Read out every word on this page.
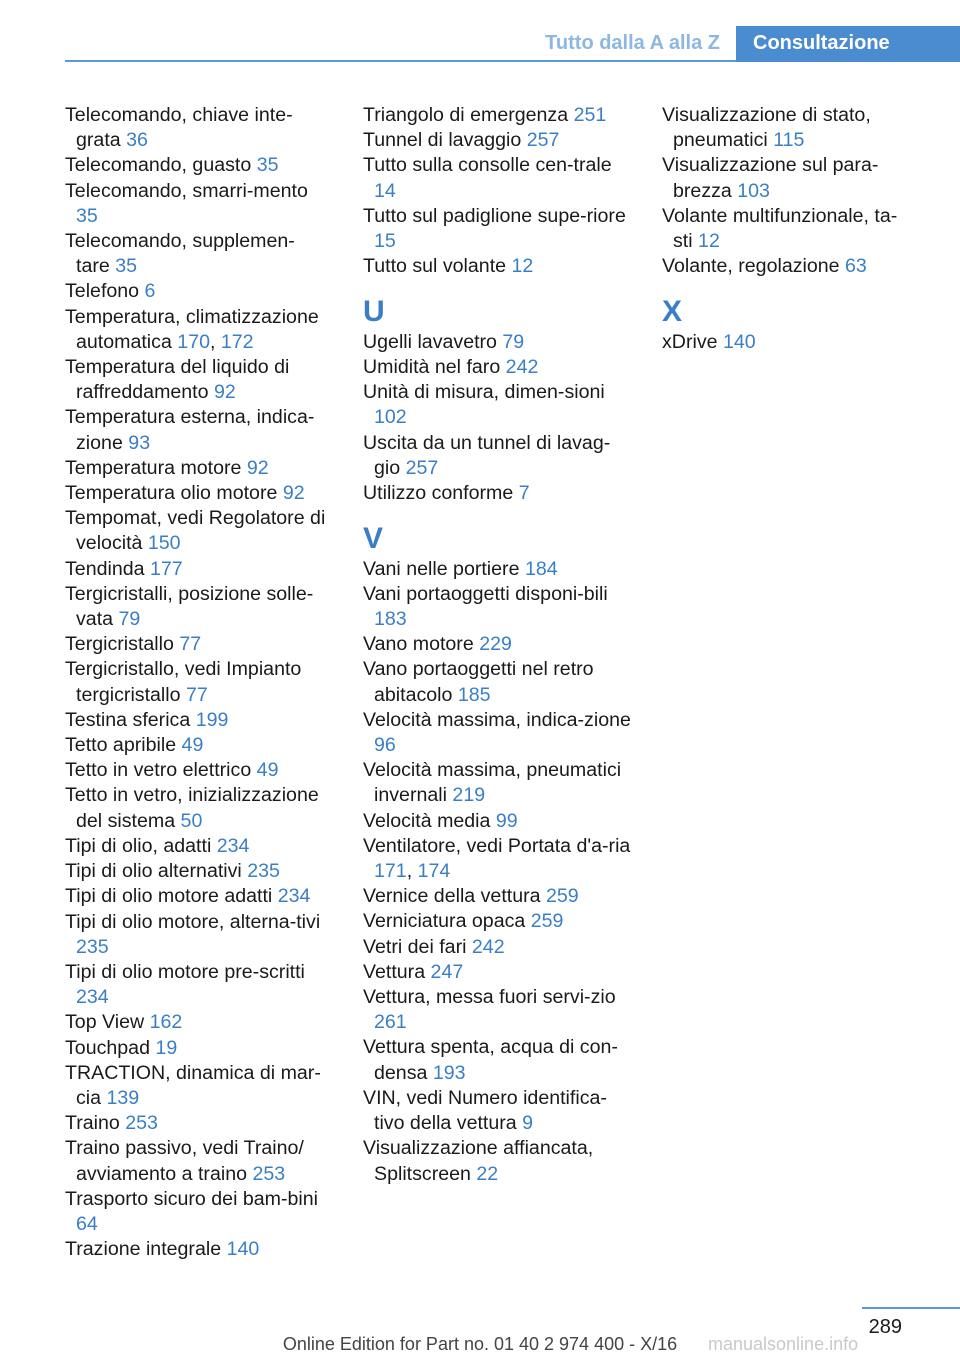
Tutto dalla A alla Z	Consultazione
Telecomando, chiave inte-grata 36
Telecomando, guasto 35
Telecomando, smarri-mento 35
Telecomando, supplemen-tare 35
Telefono 6
Temperatura, climatizzazione automatica 170, 172
Temperatura del liquido di raffreddamento 92
Temperatura esterna, indica-zione 93
Temperatura motore 92
Temperatura olio motore 92
Tempomat, vedi Regolatore di velocità 150
Tendinda 177
Tergicristalli, posizione solle-vata 79
Tergicristallo 77
Tergicristallo, vedi Impianto tergicristallo 77
Testina sferica 199
Tetto apribile 49
Tetto in vetro elettrico 49
Tetto in vetro, inizializzazione del sistema 50
Tipi di olio, adatti 234
Tipi di olio alternativi 235
Tipi di olio motore adatti 234
Tipi di olio motore, alterna-tivi 235
Tipi di olio motore pre-scritti 234
Top View 162
Touchpad 19
TRACTION, dinamica di mar-cia 139
Traino 253
Traino passivo, vedi Traino/ avviamento a traino 253
Trasporto sicuro dei bam-bini 64
Trazione integrale 140
Triangolo di emergenza 251
Tunnel di lavaggio 257
Tutto sulla consolle cen-trale 14
Tutto sul padiglione supe-riore 15
Tutto sul volante 12
U
Ugelli lavavetro 79
Umidità nel faro 242
Unità di misura, dimen-sioni 102
Uscita da un tunnel di lavag-gio 257
Utilizzo conforme 7
V
Vani nelle portiere 184
Vani portaoggetti disponi-bili 183
Vano motore 229
Vano portaoggetti nel retro abitacolo 185
Velocità massima, indica-zione 96
Velocità massima, pneumatici invernali 219
Velocità media 99
Ventilatore, vedi Portata d'a-ria 171, 174
Vernice della vettura 259
Verniciatura opaca 259
Vetri dei fari 242
Vettura 247
Vettura, messa fuori servi-zio 261
Vettura spenta, acqua di con-densa 193
VIN, vedi Numero identifica-tivo della vettura 9
Visualizzazione affiancata, Splitscreen 22
Visualizzazione di stato, pneumatici 115
Visualizzazione sul para-brezza 103
Volante multifunzionale, ta-sti 12
Volante, regolazione 63
X
xDrive 140
289
Online Edition for Part no. 01 40 2 974 400 - X/16	manualsonline.info
